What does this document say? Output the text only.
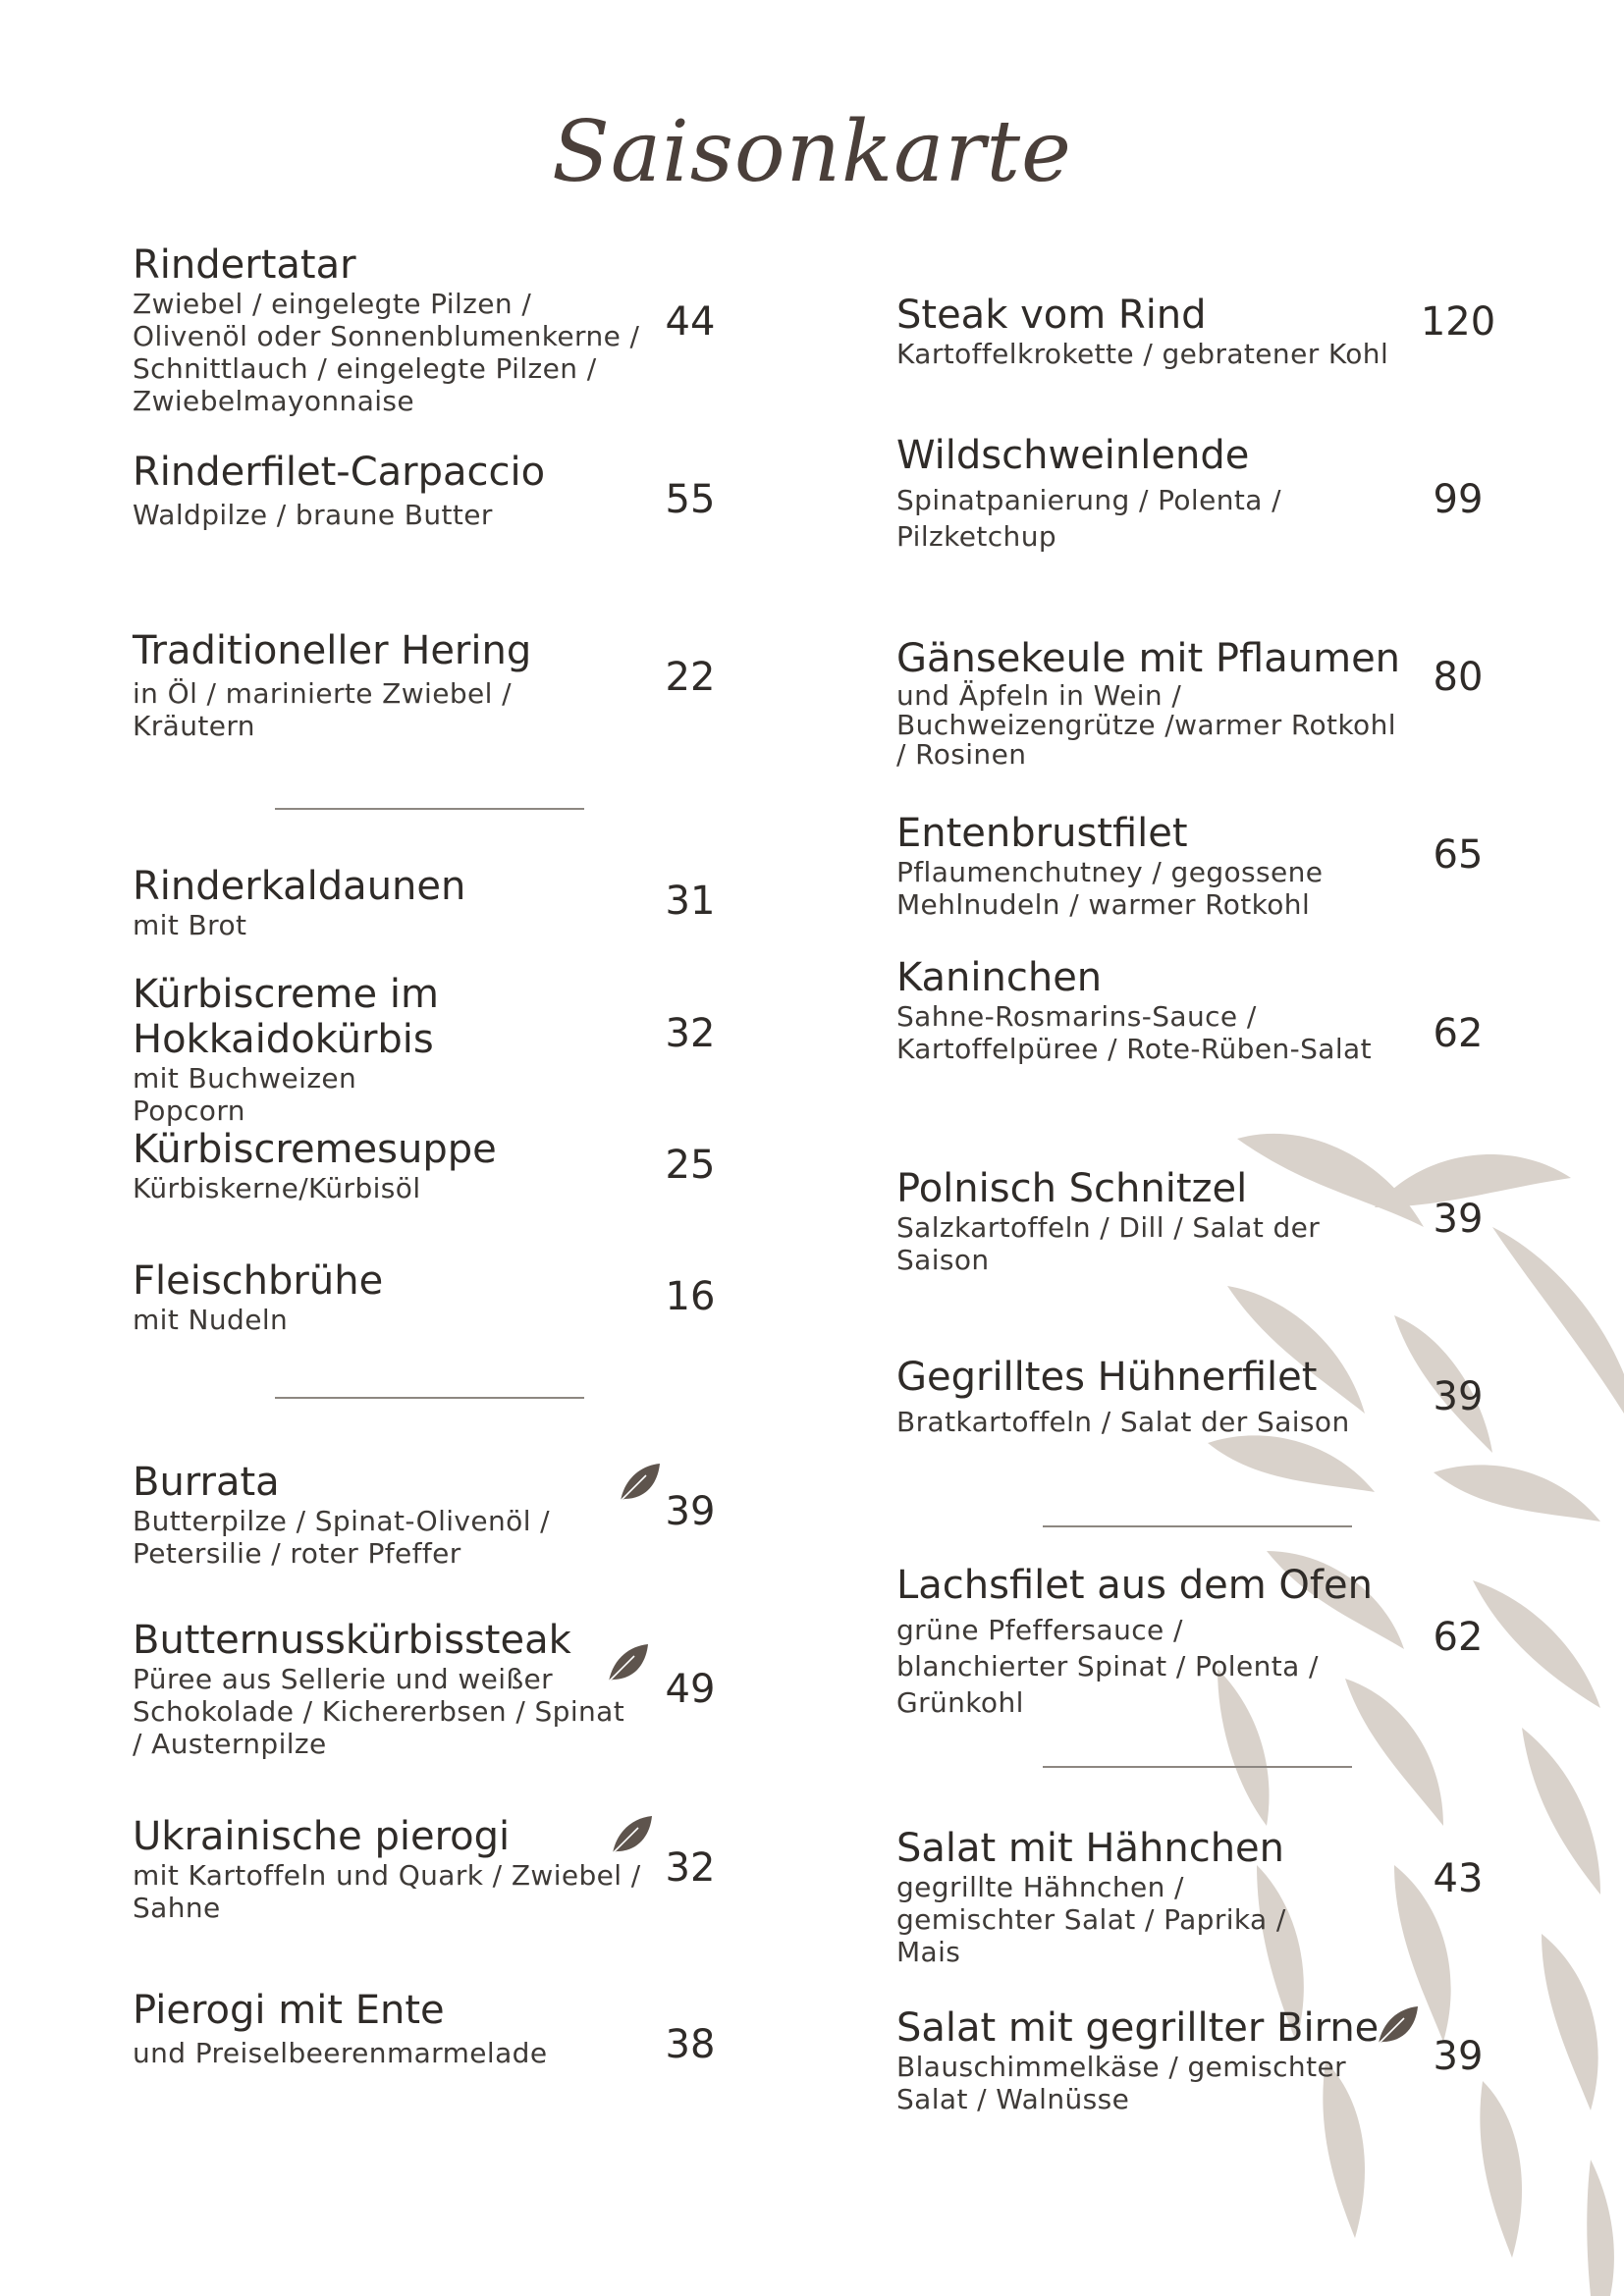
Saisonkarte
Rindertatar
Zwiebel / eingelegte Pilzen / Olivenöl oder Sonnenblumenkerne / Schnittlauch / eingelegte Pilzen / Zwiebelmayonnaise
44
Rinderfilet-Carpaccio
Waldpilze / braune Butter	55
Traditioneller Hering
in Öl / marinierte Zwiebel / Kräutern
22
Rinderkaldaunen
mit Brot
31
Kürbiscreme im Hokkaidokürbis
mit Buchweizen Popcorn
32
Kürbiscremesuppe
Kürbiskerne/Kürbisöl
25
Fleischbrühe
mit Nudeln
16
Burrata
Butterpilze / Spinat-Olivenöl / Petersilie / roter Pfeffer
39
Butternusskürbissteak
Püree aus Sellerie und weißer Schokolade / Kichererbsen / Spinat / Austernpilze
49
Ukrainische pierogi
mit Kartoffeln und Quark / Zwiebel / Sahne
32
Pierogi mit Ente
und Preiselbeerenmarmelade	38
Steak vom Rind
Kartoffelkrokette / gebratener Kohl
120
Wildschweinlende
Spinatpanierung / Polenta / Pilzketchup
99
Gänsekeule mit Pflaumen
und Äpfeln in Wein / Buchweizengrütze /warmer Rotkohl / Rosinen
80
Entenbrustfilet
Pflaumenchutney / gegossene Mehlnudeln / warmer Rotkohl
65
Kaninchen
Sahne-Rosmarins-Sauce / Kartoffelpüree / Rote-Rüben-Salat	62
Polnisch Schnitzel
Salzkartoffeln / Dill / Salat der Saison
39
Gegrilltes Hühnerfilet
Bratkartoffeln / Salat der Saison
39
Lachsfilet aus dem Ofen
grüne Pfeffersauce / blanchierter Spinat / Polenta / Grünkohl
62
Salat mit Hähnchen
gegrillte Hähnchen / gemischter Salat / Paprika / Mais
43
Salat mit gegrillter Birne
Blauschimmelkäse / gemischter Salat / Walnüsse
39
